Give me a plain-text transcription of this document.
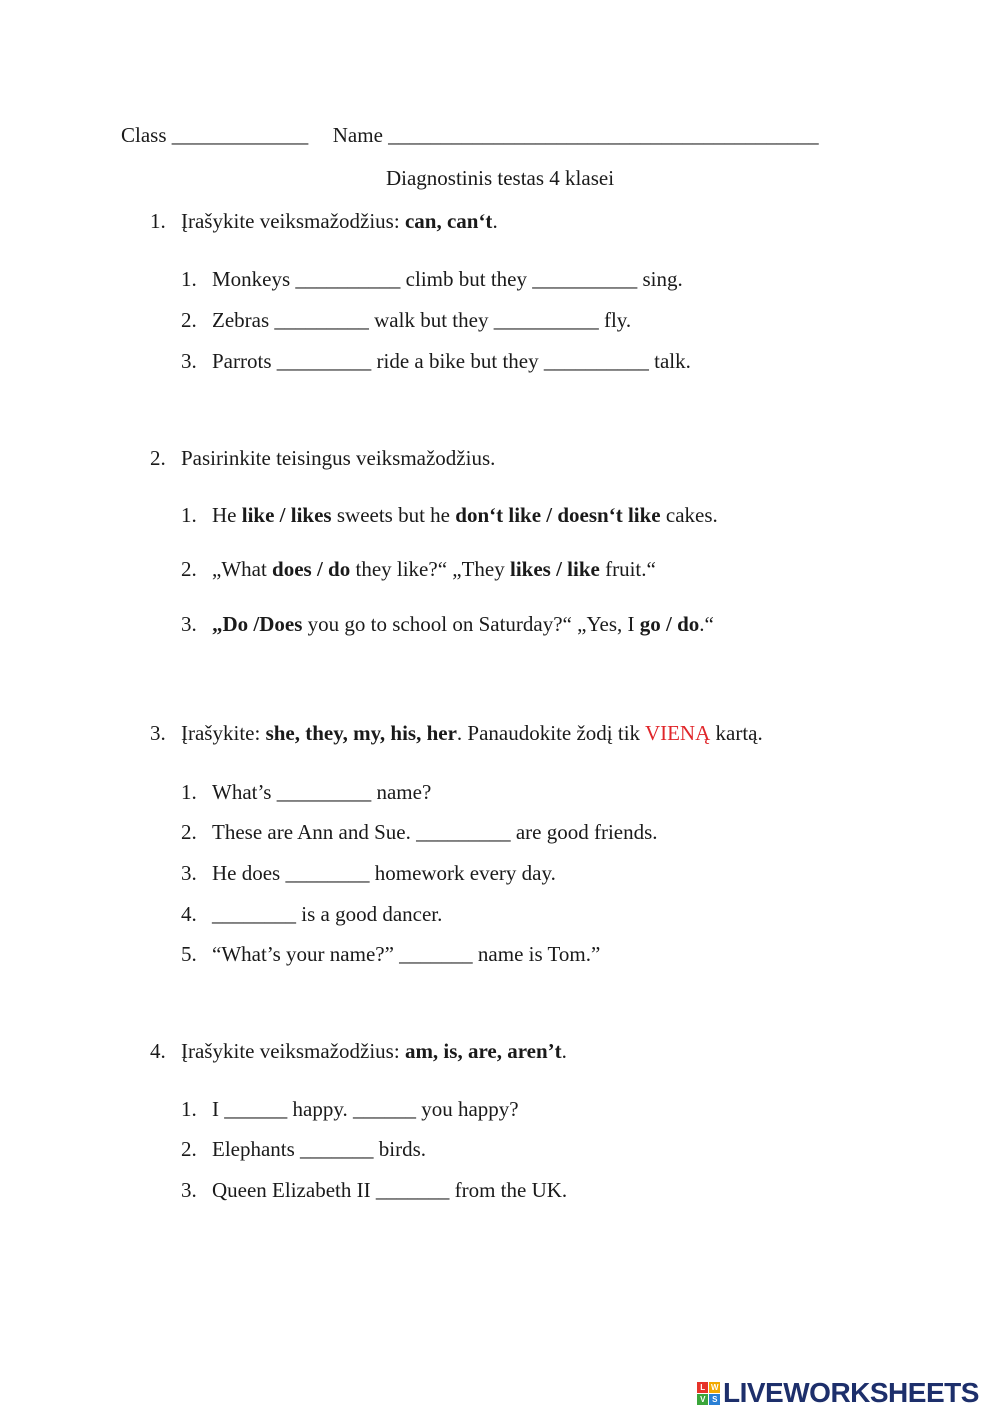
Class _____________ Name _________________________________________
Diagnostinis testas 4 klasei
1. Įrašykite veiksmažodžius: can, can‘t.
1. Monkeys __________ climb but they __________ sing.
2. Zebras _________ walk but they __________ fly.
3. Parrots _________ ride a bike but they __________ talk.
2. Pasirinkite teisingus veiksmažodžius.
1. He like / likes sweets but he don‘t like / doesn‘t like cakes.
2. „What does / do they like?“ „They likes / like fruit.“
3. „Do /Does you go to school on Saturday?“ „Yes, I go / do.“
3. Įrašykite: she, they, my, his, her. Panaudokite žodį tik VIENĄ kartą.
1. What’s _________ name?
2. These are Ann and Sue. _________ are good friends.
3. He does ________ homework every day.
4. ________ is a good dancer.
5. “What’s your name?” _______ name is Tom.”
4. Įrašykite veiksmažodžius: am, is, are, aren’t.
1. I ______ happy. ______ you happy?
2. Elephants _______ birds.
3. Queen Elizabeth II _______ from the UK.
L W
V S LIVEWORKSHEETS
